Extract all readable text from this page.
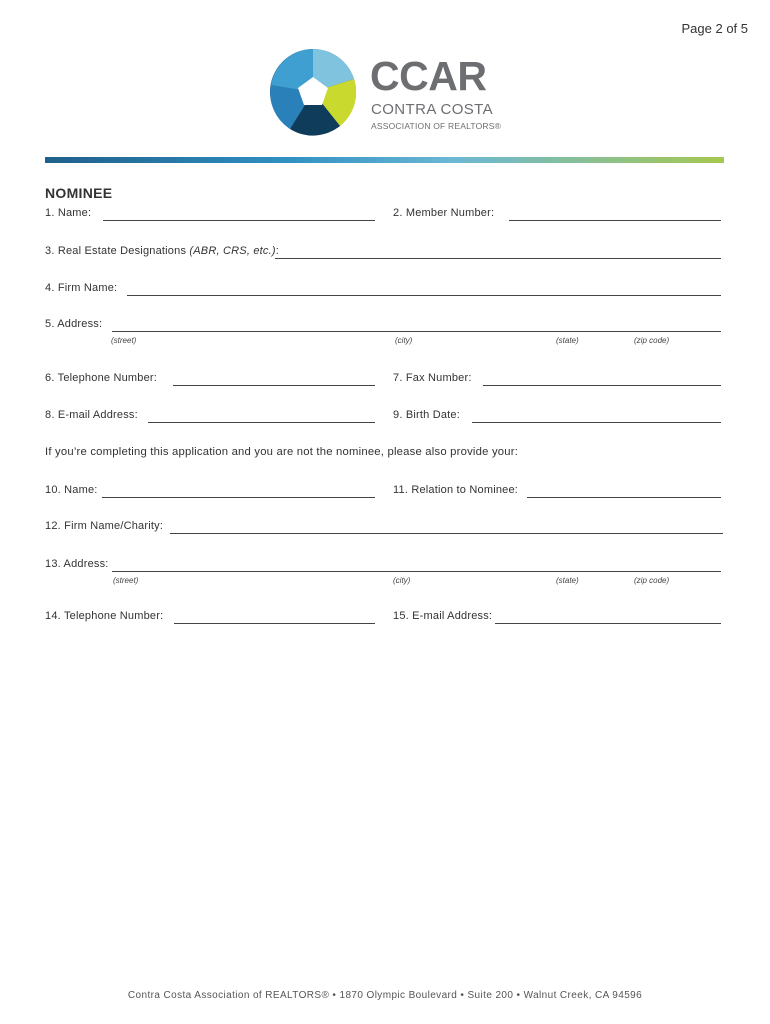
Page 2 of 5
CCAR
CONTRA COSTA
ASSOCIATION OF REALTORS®
NOMINEE
1. Name:	2. Member Number:
3. Real Estate Designations (ABR, CRS, etc.):
4. Firm Name:
5. Address:
(street)	(city)	(state)	(zip code)
6. Telephone Number:	7. Fax Number:
8. E-mail Address:	9. Birth Date:
If you’re completing this application and you are not the nominee, please also provide your:
10. Name:	11. Relation to Nominee:
12. Firm Name/Charity:
13. Address:
(street)	(city)	(state)	(zip code)
14. Telephone Number:	15. E-mail Address:
Contra Costa Association of REALTORS® • 1870 Olympic Boulevard • Suite 200 • Walnut Creek, CA 94596
